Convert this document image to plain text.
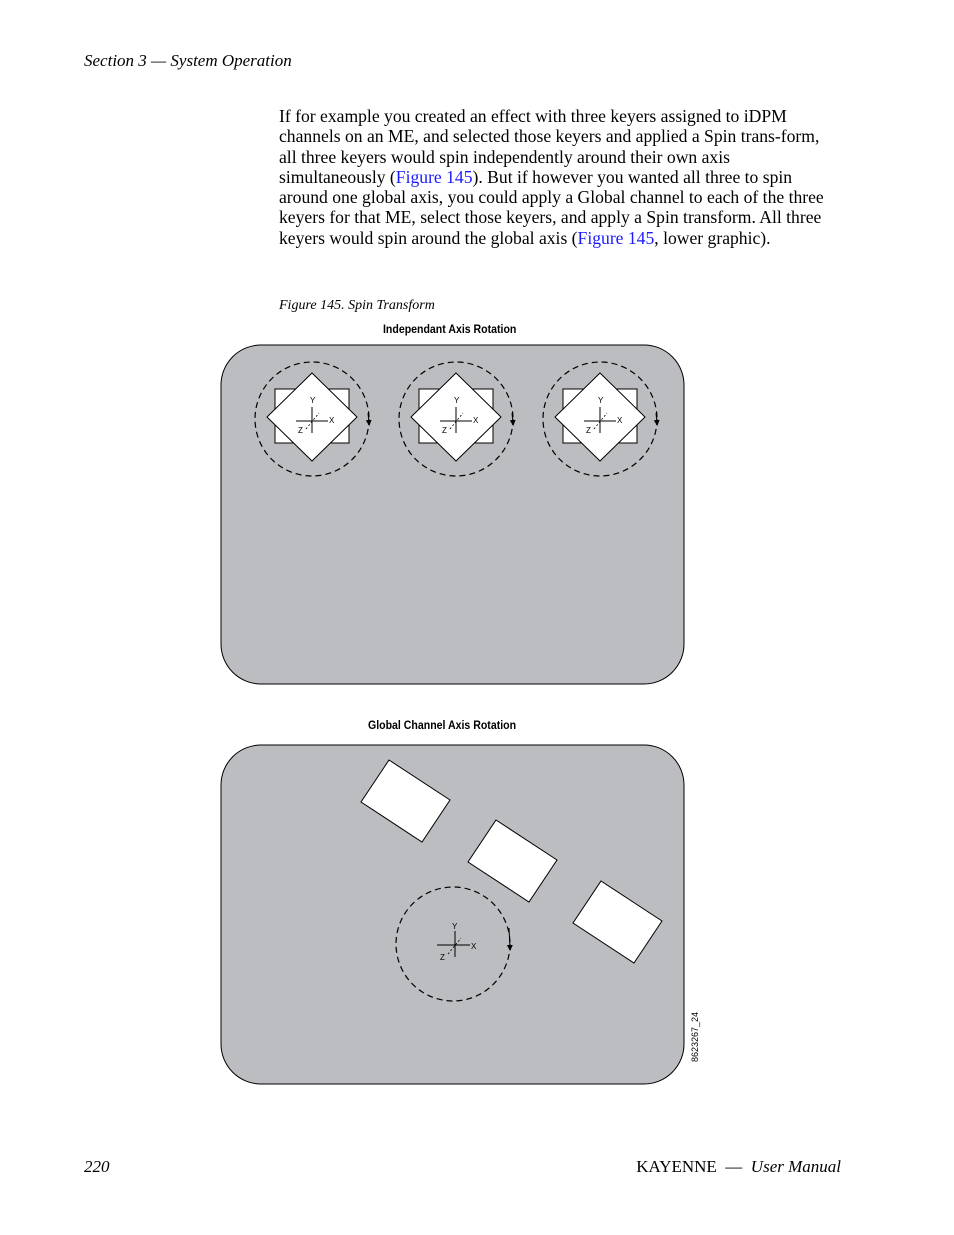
Section 3 — System Operation

If for example you created an effect with three keyers assigned to iDPM channels on an ME, and selected those keyers and applied a Spin trans-form, all three keyers would spin independently around their own axis simultaneously (Figure 145). But if however you wanted all three to spin around one global axis, you could apply a Global channel to each of the three keyers for that ME, select those keyers, and apply a Spin transform. All three keyers would spin around the global axis (Figure 145, lower graphic).

Figure 145. Spin Transform
Independant Axis Rotation
Global Channel Axis Rotation
Y
X
Z
Y
X
Z
Y
X
Z
Y
X
Z
8623267_24
220	KAYENNE — User Manual
